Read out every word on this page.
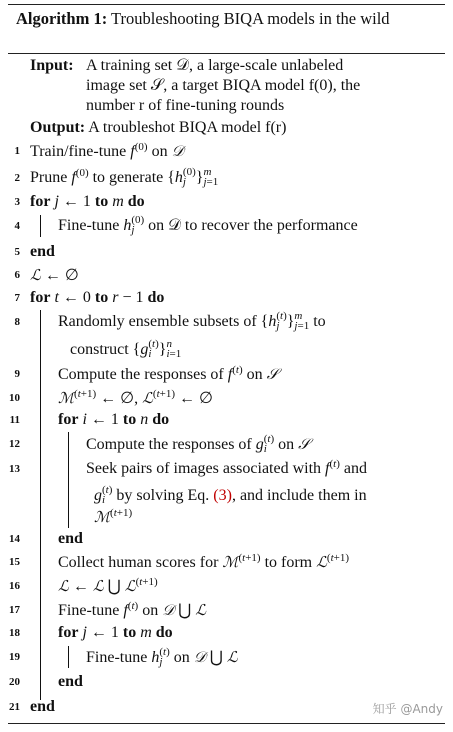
Algorithm 1: Troubleshooting BIQA models in the wild
Input: A training set 𝒟, a large-scale unlabeled
image set 𝒮, a target BIQA model f(0), the
number r of fine-tuning rounds
Output: A troubleshot BIQA model f(r)
1 Train/fine-tune $f^{(0)}$ on 𝒟
2 Prune $f^{(0)}$ to generate {h (0)
j } m
j=1
3 for j ← 1 to m do
4 Fine-tune h (0)
j on 𝒟 to recover the performance
5 end
6 ℒ ← ∅
7 for t ← 0 to r − 1 do
8 Randomly ensemble subsets of {h (t)
j } m
j=1 to
construct {g (t)
i } n
i=1
9 Compute the responses of $f^{(t)}$ on 𝒮
10	ℳ$^{(t+1)}$ ← ∅, ℒ$^{(t+1)}$ ← ∅
11 for i ← 1 to n do
12	Compute the responses of g (t)
i on 𝒮
13	Seek pairs of images associated with $f^{(t)}$ and
g (t)
i by solving Eq. (3), and include them in
ℳ$^{(t+1)}$
14 end
15 Collect human scores for ℳ$^{(t+1)}$ to form ℒ$^{(t+1)}$
16	ℒ ← ℒ ⋃ ℒ$^{(t+1)}$
17 Fine-tune $f^{(t)}$ on 𝒟 ⋃ ℒ
18 for j ← 1 to m do
19	Fine-tune h (t)
j on 𝒟 ⋃ ℒ
20 end
21 end	知乎 @Andy
